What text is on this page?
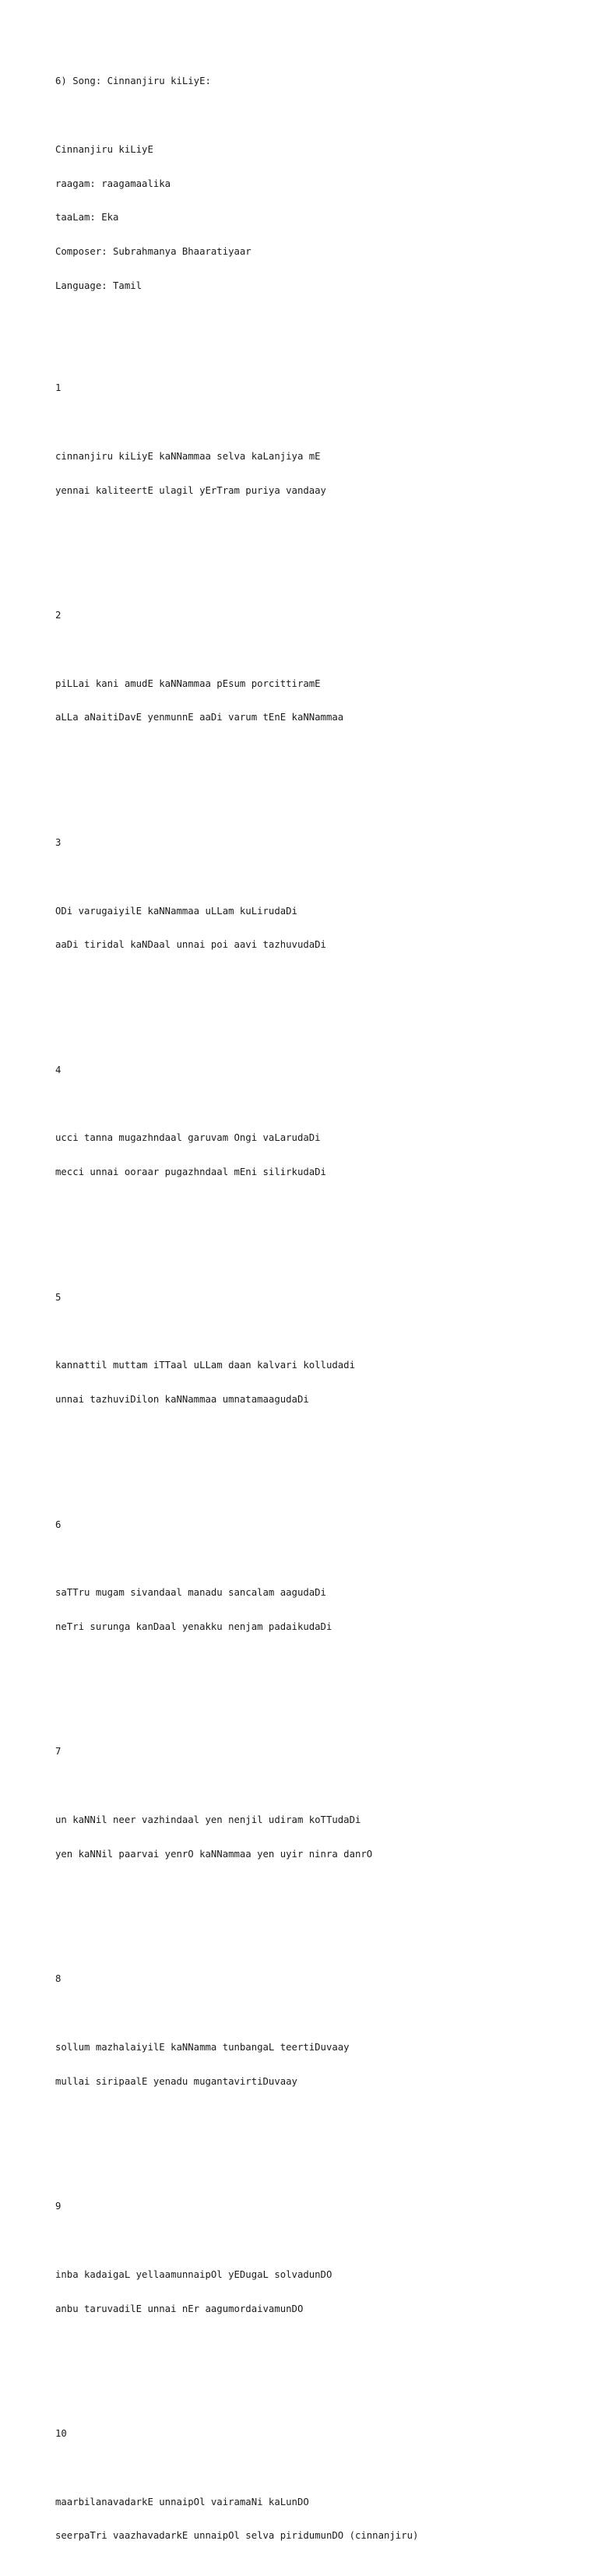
6) Song: Cinnanjiru kiLiyE:

Cinnanjiru kiLiyE

raagam: raagamaalika

taaLam: Eka

Composer: Subrahmanya Bhaaratiyaar

Language: Tamil

1

cinnanjiru kiLiyE kaNNammaa selva kaLanjiya mE

yennai kaliteertE ulagil yErTram puriya vandaay

2

piLLai kani amudE kaNNammaa pEsum porcittiramE

aLLa aNaitiDavE yenmunnE aaDi varum tEnE kaNNammaa

3

ODi varugaiyilE kaNNammaa uLLam kuLirudaDi

aaDi tiridal kaNDaal unnai poi aavi tazhuvudaDi

4

ucci tanna mugazhndaal garuvam Ongi vaLarudaDi

mecci unnai ooraar pugazhndaal mEni silirkudaDi

5

kannattil muttam iTTaal uLLam daan kalvari kolludadi

unnai tazhuviDilon kaNNammaa umnatamaagudaDi

6

saTTru mugam sivandaal manadu sancalam aagudaDi

neTri surunga kanDaal yenakku nenjam padaikudaDi

7

un kaNNil neer vazhindaal yen nenjil udiram koTTudaDi

yen kaNNil paarvai yenrO kaNNammaa yen uyir ninra danrO

8

sollum mazhalaiyilE kaNNamma tunbangaL teertiDuvaay

mullai siripaalE yenadu mugantavirtiDuvaay

9

inba kadaigaL yellaamunnaipOl yEDugaL solvadunDO

anbu taruvadilE unnai nEr aagumordaivamunDO

10

maarbilanavadarkE unnaipOl vairamaNi kaLunDO

seerpaTri vaazhavadarkE unnaipOl selva piridumunDO (cinnanjiru)
